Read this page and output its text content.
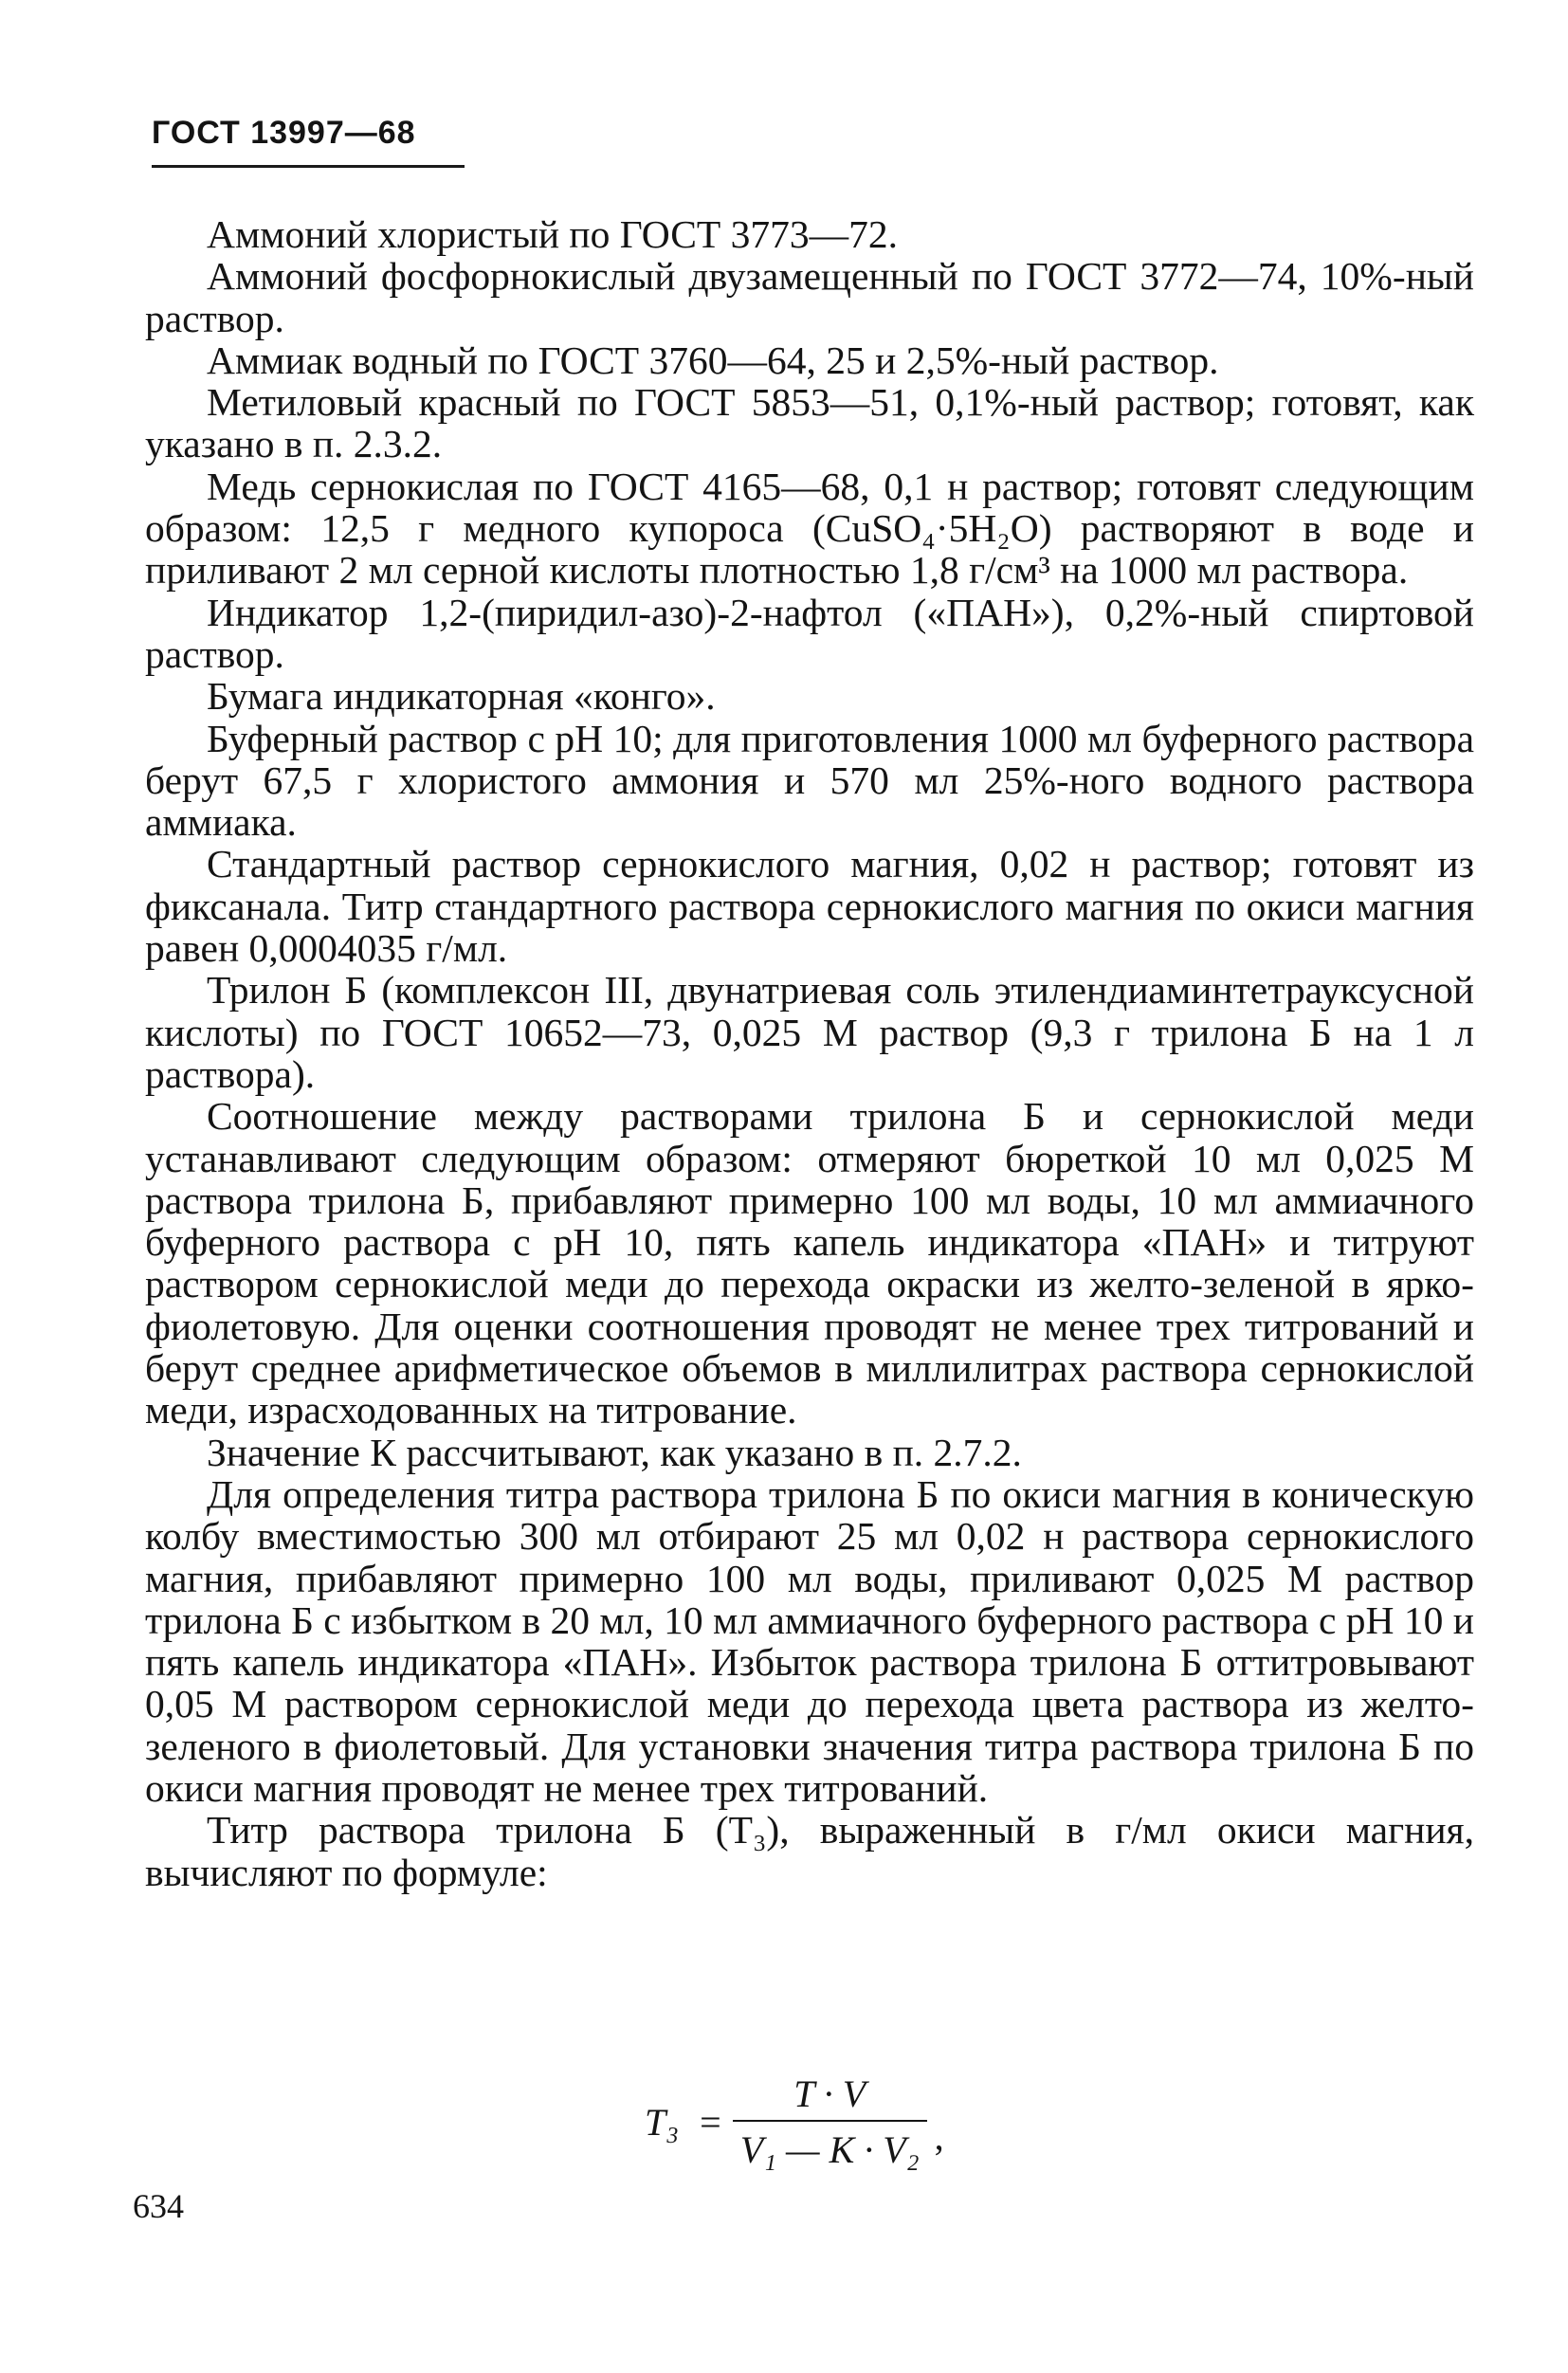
ГОСТ 13997—68

Аммоний хлористый по ГОСТ 3773—72.

Аммоний фосфорнокислый двузамещенный по ГОСТ 3772—74, 10%-ный раствор.

Аммиак водный по ГОСТ 3760—64, 25 и 2,5%-ный раствор.

Метиловый красный по ГОСТ 5853—51, 0,1%-ный раствор; готовят, как указано в п. 2.3.2.

Медь сернокислая по ГОСТ 4165—68, 0,1 н раствор; готовят следующим образом: 12,5 г медного купороса (CuSO₄·5H₂O) растворяют в воде и приливают 2 мл серной кислоты плотностью 1,8 г/см³ на 1000 мл раствора.

Индикатор 1,2-(пиридил-азо)-2-нафтол («ПАН»), 0,2%-ный спиртовой раствор.

Бумага индикаторная «конго».

Буферный раствор с рН 10; для приготовления 1000 мл буферного раствора берут 67,5 г хлористого аммония и 570 мл 25%-ного водного раствора аммиака.

Стандартный раствор сернокислого магния, 0,02 н раствор; готовят из фиксанала. Титр стандартного раствора сернокислого магния по окиси магния равен 0,0004035 г/мл.

Трилон Б (комплексон III, двунатриевая соль этилендиаминтетрауксусной кислоты) по ГОСТ 10652—73, 0,025 М раствор (9,3 г трилона Б на 1 л раствора).

Соотношение между растворами трилона Б и сернокислой меди устанавливают следующим образом: отмеряют бюреткой 10 мл 0,025 М раствора трилона Б, прибавляют примерно 100 мл воды, 10 мл аммиачного буферного раствора с рН 10, пять капель индикатора «ПАН» и титруют раствором сернокислой меди до перехода окраски из желто-зеленой в ярко-фиолетовую. Для оценки соотношения проводят не менее трех титрований и берут среднее арифметическое объемов в миллилитрах раствора сернокислой меди, израсходованных на титрование.

Значение К рассчитывают, как указано в п. 2.7.2.

Для определения титра раствора трилона Б по окиси магния в коническую колбу вместимостью 300 мл отбирают 25 мл 0,02 н раствора сернокислого магния, прибавляют примерно 100 мл воды, приливают 0,025 М раствор трилона Б с избытком в 20 мл, 10 мл аммиачного буферного раствора с рН 10 и пять капель индикатора «ПАН». Избыток раствора трилона Б оттитровывают 0,05 М раствором сернокислой меди до перехода цвета раствора из желто-зеленого в фиолетовый. Для установки значения титра раствора трилона Б по окиси магния проводят не менее трех титрований.

Титр раствора трилона Б (Т₃), выраженный в г/мл окиси магния, вычисляют по формуле:

$T_3 = \frac{T \cdot V}{\text{V₁ — K · V₂}}$ ,
634
